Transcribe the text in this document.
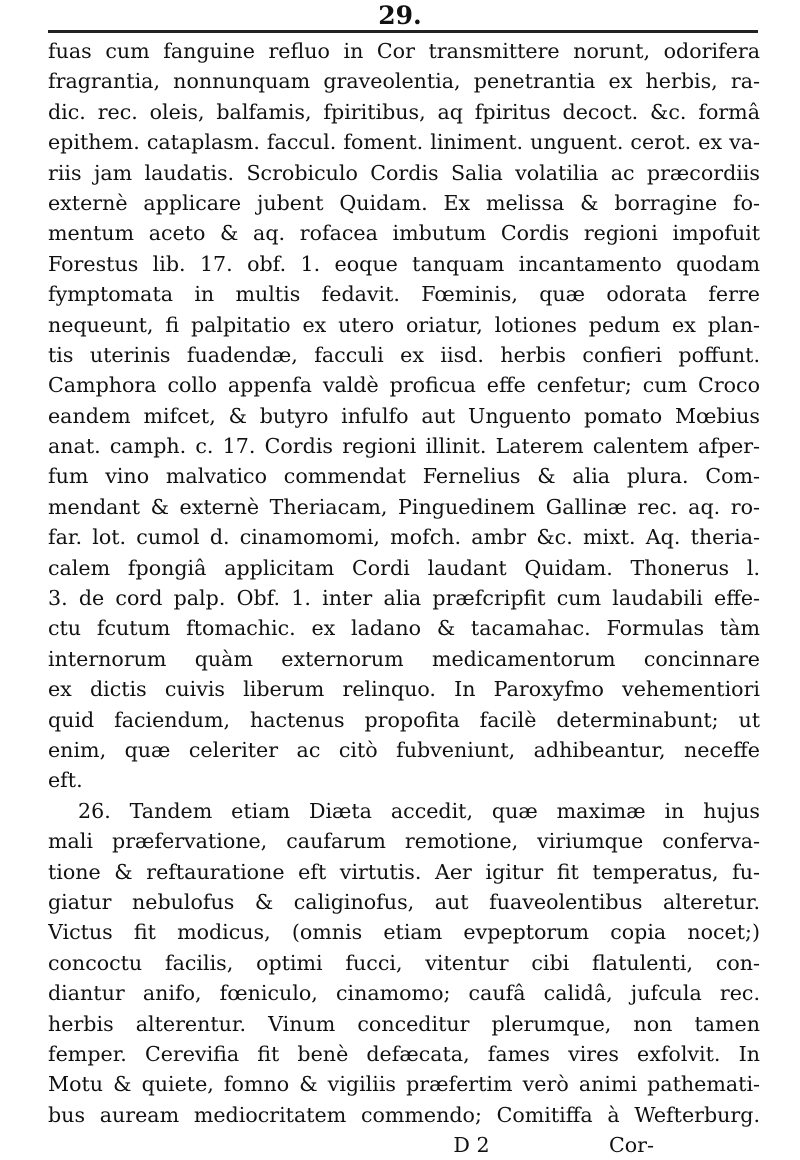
29.
fuas cum fanguine refluo in Cor transmittere norunt, odorifera
fragrantia, nonnunquam graveolentia, penetrantia ex herbis, ra-
dic. rec. oleis, balfamis, fpiritibus, aq fpiritus decoct. &c. formâ
epithem. cataplasm. faccul. foment. liniment. unguent. cerot. ex va-
riis jam laudatis. Scrobiculo Cordis Salia volatilia ac præcordiis
externè applicare jubent Quidam. Ex melissa & borragine fo-
mentum aceto & aq. rofacea imbutum Cordis regioni impofuit
Forestus lib. 17. obf. 1. eoque tanquam incantamento quodam
fymptomata in multis fedavit. Fœminis, quæ odorata ferre
nequeunt, fi palpitatio ex utero oriatur, lotiones pedum ex plan-
tis uterinis fuadendæ, facculi ex iisd. herbis confieri poffunt.
Camphora collo appenfa valdè proficua effe cenfetur; cum Croco
eandem mifcet, & butyro infulfo aut Unguento pomato Mœbius
anat. camph. c. 17. Cordis regioni illinit. Laterem calentem afper-
fum vino malvatico commendat Fernelius & alia plura. Com-
mendant & externè Theriacam, Pinguedinem Gallinæ rec. aq. ro-
far. lot. cumol d. cinamomomi, mofch. ambr &c. mixt. Aq. theria-
calem fpongiâ applicitam Cordi laudant Quidam. Thonerus l.
3. de cord palp. Obf. 1. inter alia præfcripfit cum laudabili effe-
ctu fcutum ftomachic. ex ladano & tacamahac. Formulas tàm
internorum quàm externorum medicamentorum concinnare
ex dictis cuivis liberum relinquo. In Paroxyfmo vehementiori
quid faciendum, hactenus propofita facilè determinabunt; ut
enim, quæ celeriter ac citò fubveniunt, adhibeantur, neceffe
eft.
26. Tandem etiam Diæta accedit, quæ maximæ in hujus
mali præfervatione, caufarum remotione, viriumque conferva-
tione & reftauratione eft virtutis. Aer igitur fit temperatus, fu-
giatur nebulofus & caliginofus, aut fuaveolentibus alteretur.
Victus fit modicus, (omnis etiam evpeptorum copia nocet;)
concoctu facilis, optimi fucci, vitentur cibi flatulenti, con-
diantur anifo, fœniculo, cinamomo; caufâ calidâ, jufcula rec.
herbis alterentur. Vinum conceditur plerumque, non tamen
femper. Cerevifia fit benè defæcata, fames vires exfolvit. In
Motu & quiete, fomno & vigiliis præfertim verò animi pathemati-
bus auream mediocritatem commendo; Comitiffa à Wefterburg.
D 2	Cor-
